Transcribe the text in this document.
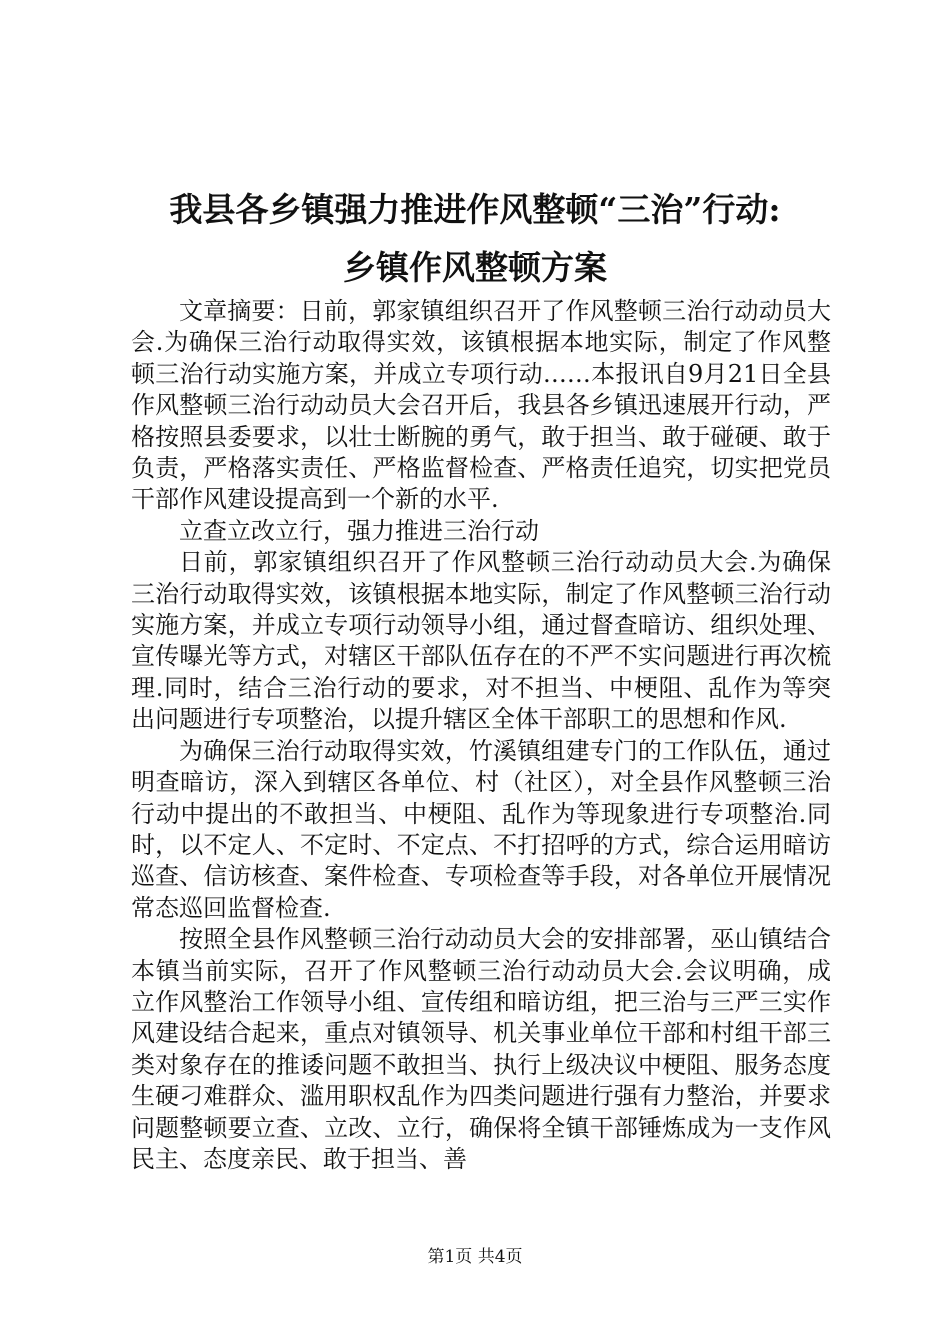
我县各乡镇强力推进作风整顿“三治”行动:
乡镇作风整顿方案

文章摘要：日前，郭家镇组织召开了作风整顿三治行动动员大会.为确保三治行动取得实效，该镇根据本地实际，制定了作风整顿三治行动实施方案，并成立专项行动……本报讯自9月21日全县作风整顿三治行动动员大会召开后，我县各乡镇迅速展开行动，严格按照县委要求，以壮士断腕的勇气，敢于担当、敢于碰硬、敢于负责，严格落实责任、严格监督检查、严格责任追究，切实把党员干部作风建设提高到一个新的水平.

立查立改立行，强力推进三治行动

日前，郭家镇组织召开了作风整顿三治行动动员大会.为确保三治行动取得实效，该镇根据本地实际，制定了作风整顿三治行动实施方案，并成立专项行动领导小组，通过督查暗访、组织处理、宣传曝光等方式，对辖区干部队伍存在的不严不实问题进行再次梳理.同时，结合三治行动的要求，对不担当、中梗阻、乱作为等突出问题进行专项整治，以提升辖区全体干部职工的思想和作风.

为确保三治行动取得实效，竹溪镇组建专门的工作队伍，通过明查暗访，深入到辖区各单位、村（社区），对全县作风整顿三治行动中提出的不敢担当、中梗阻、乱作为等现象进行专项整治.同时，以不定人、不定时、不定点、不打招呼的方式，综合运用暗访巡查、信访核查、案件检查、专项检查等手段，对各单位开展情况常态巡回监督检查.

按照全县作风整顿三治行动动员大会的安排部署，巫山镇结合本镇当前实际，召开了作风整顿三治行动动员大会.会议明确，成立作风整治工作领导小组、宣传组和暗访组，把三治与三严三实作风建设结合起来，重点对镇领导、机关事业单位干部和村组干部三类对象存在的推诿问题不敢担当、执行上级决议中梗阻、服务态度生硬刁难群众、滥用职权乱作为四类问题进行强有力整治，并要求问题整顿要立查、立改、立行，确保将全镇干部锤炼成为一支作风民主、态度亲民、敢于担当、善

第1页 共4页
